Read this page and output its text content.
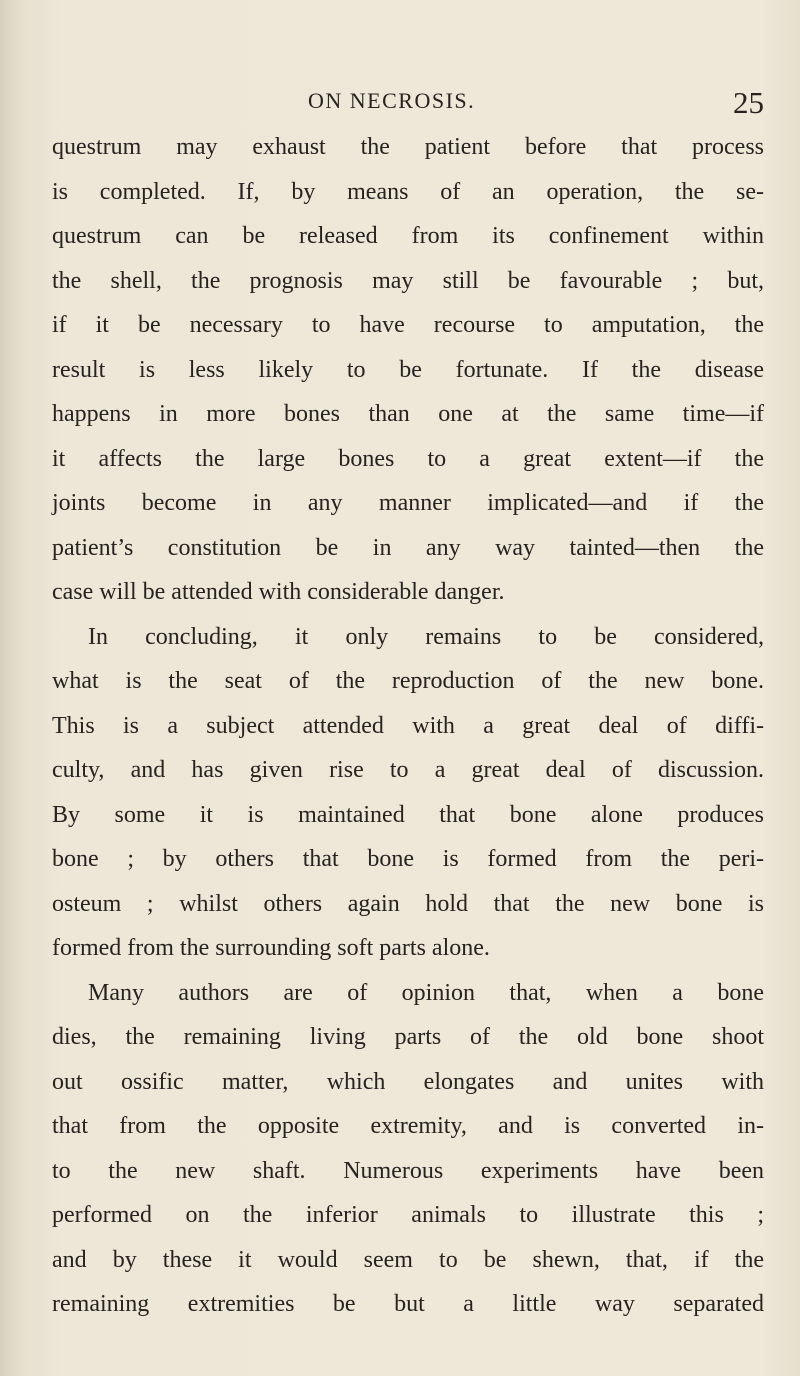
ON NECROSIS.	25
questrum may exhaust the patient before that process
is completed. If, by means of an operation, the se-
questrum can be released from its confinement within
the shell, the prognosis may still be favourable ; but,
if it be necessary to have recourse to amputation, the
result is less likely to be fortunate. If the disease
happens in more bones than one at the same time—if
it affects the large bones to a great extent—if the
joints become in any manner implicated—and if the
patient’s constitution be in any way tainted—then the
case will be attended with considerable danger.
In concluding, it only remains to be considered,
what is the seat of the reproduction of the new bone.
This is a subject attended with a great deal of diffi-
culty, and has given rise to a great deal of discussion.
By some it is maintained that bone alone produces
bone ; by others that bone is formed from the peri-
osteum ; whilst others again hold that the new bone is
formed from the surrounding soft parts alone.
Many authors are of opinion that, when a bone
dies, the remaining living parts of the old bone shoot
out ossific matter, which elongates and unites with
that from the opposite extremity, and is converted in-
to the new shaft. Numerous experiments have been
performed on the inferior animals to illustrate this ;
and by these it would seem to be shewn, that, if the
remaining extremities be but a little way separated
